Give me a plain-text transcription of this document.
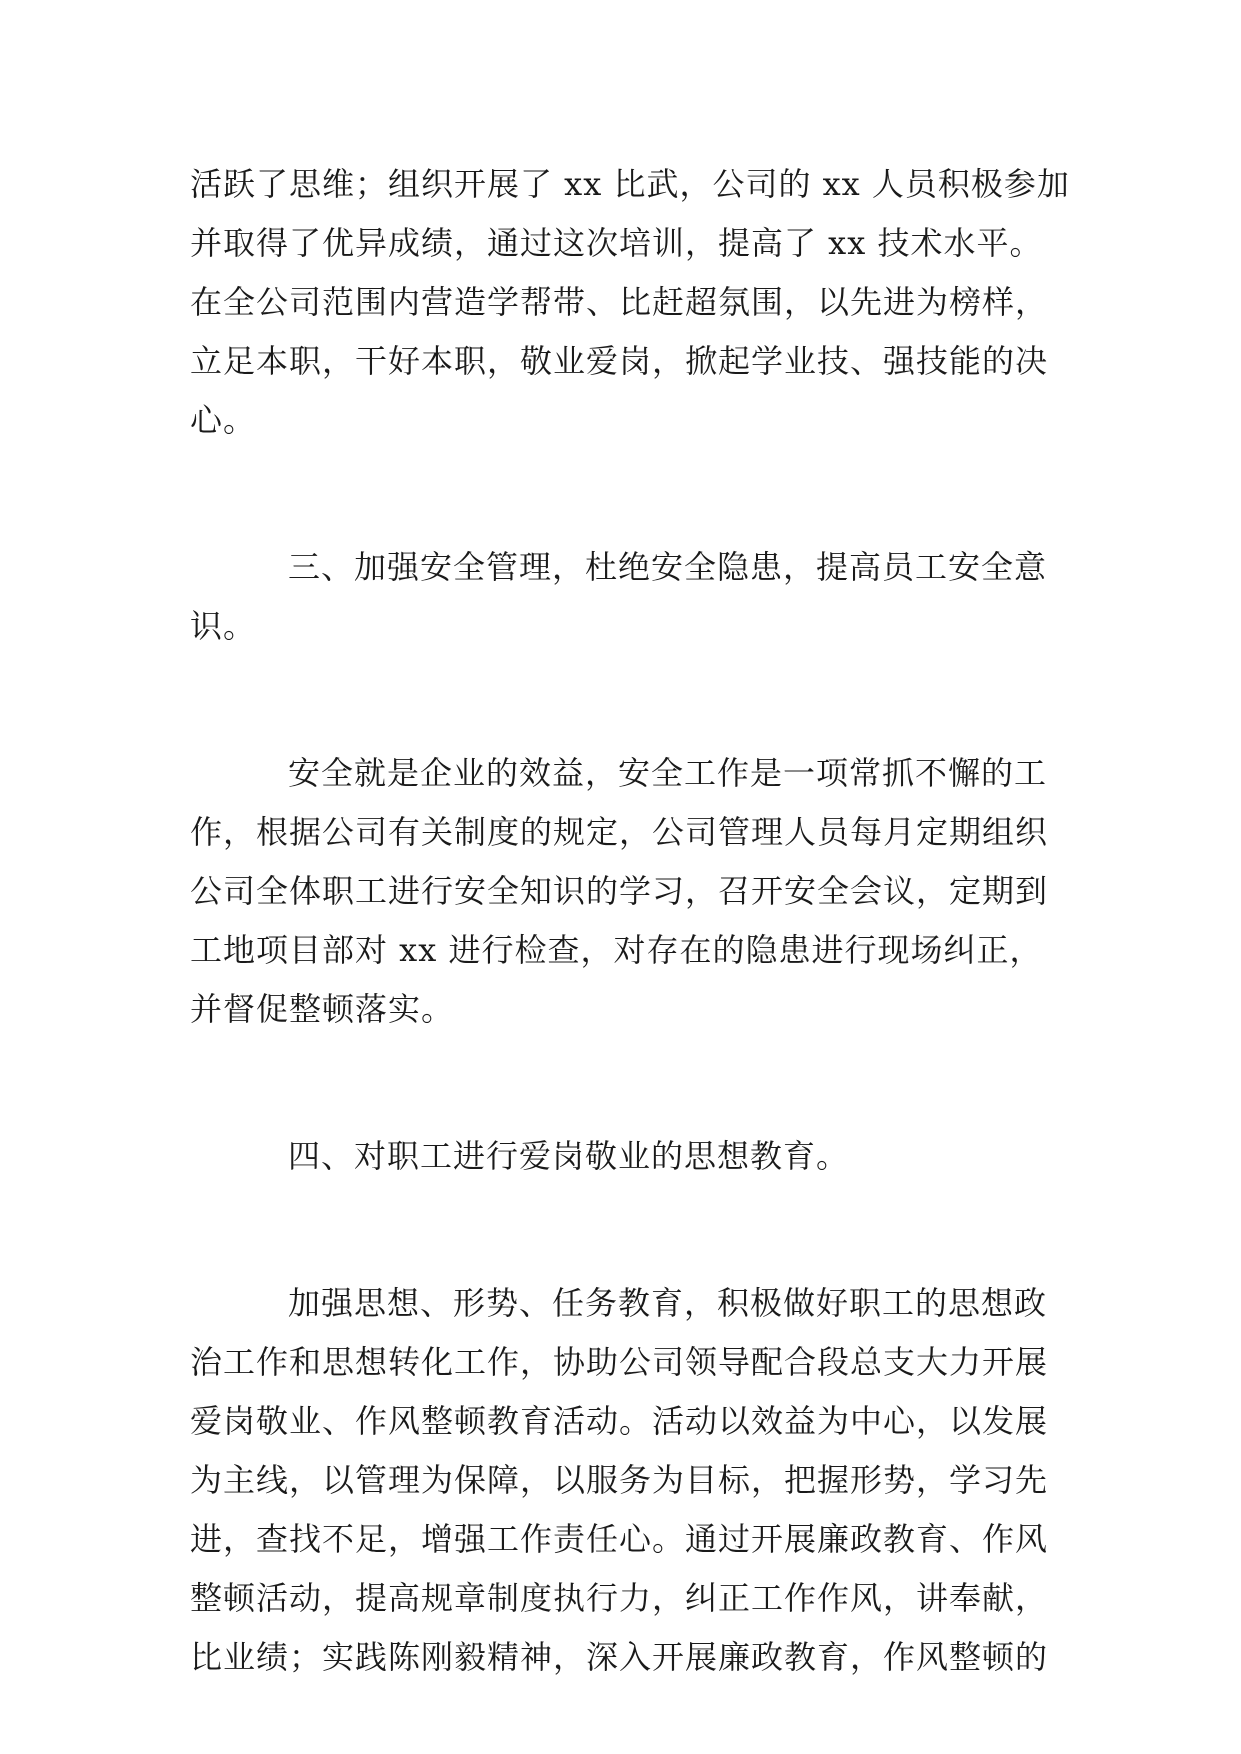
活跃了思维；组织开展了 xx 比武，公司的 xx 人员积极参加
并取得了优异成绩，通过这次培训，提高了 xx 技术水平。
在全公司范围内营造学帮带、比赶超氛围，以先进为榜样，
立足本职，干好本职，敬业爱岗，掀起学业技、强技能的决
心。
三、加强安全管理，杜绝安全隐患，提高员工安全意
识。
安全就是企业的效益，安全工作是一项常抓不懈的工
作，根据公司有关制度的规定，公司管理人员每月定期组织
公司全体职工进行安全知识的学习，召开安全会议，定期到
工地项目部对 xx 进行检查，对存在的隐患进行现场纠正，
并督促整顿落实。
四、对职工进行爱岗敬业的思想教育。
加强思想、形势、任务教育，积极做好职工的思想政
治工作和思想转化工作，协助公司领导配合段总支大力开展
爱岗敬业、作风整顿教育活动。活动以效益为中心，以发展
为主线，以管理为保障，以服务为目标，把握形势，学习先
进，查找不足，增强工作责任心。通过开展廉政教育、作风
整顿活动，提高规章制度执行力，纠正工作作风，讲奉献，
比业绩；实践陈刚毅精神，深入开展廉政教育，作风整顿的
